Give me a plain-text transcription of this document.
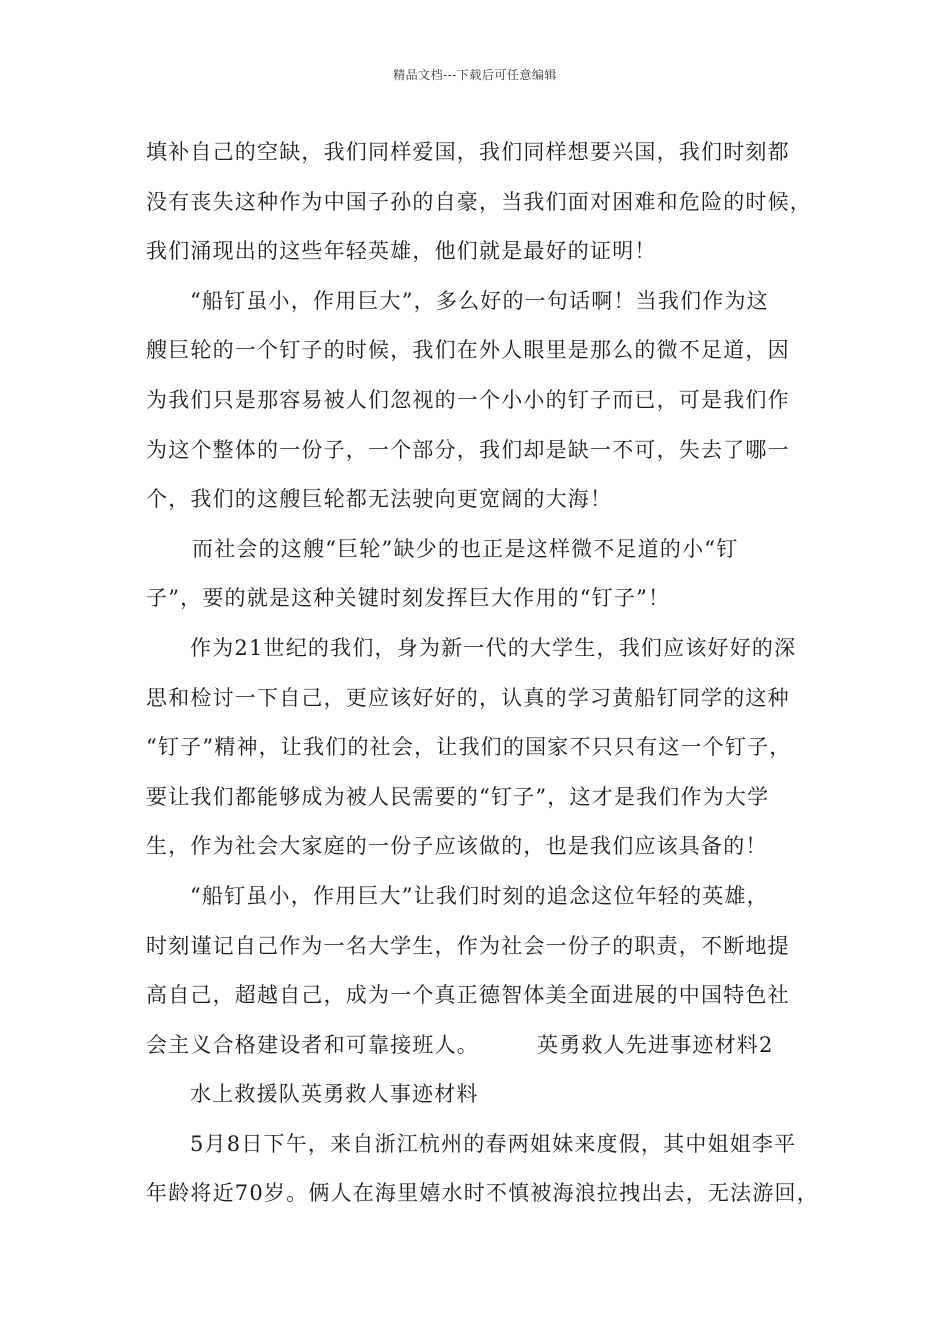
精品文档---下载后可任意编辑
填补自己的空缺，我们同样爱国，我们同样想要兴国，我们时刻都
没有丧失这种作为中国子孙的自豪，当我们面对困难和危险的时候，
我们涌现出的这些年轻英雄，他们就是最好的证明！
“船钉虽小，作用巨大”，多么好的一句话啊！当我们作为这
艘巨轮的一个钉子的时候，我们在外人眼里是那么的微不足道，因
为我们只是那容易被人们忽视的一个小小的钉子而已，可是我们作
为这个整体的一份子，一个部分，我们却是缺一不可，失去了哪一
个，我们的这艘巨轮都无法驶向更宽阔的大海！
而社会的这艘“巨轮”缺少的也正是这样微不足道的小“钉
子”，要的就是这种关键时刻发挥巨大作用的“钉子”！
作为21世纪的我们，身为新一代的大学生，我们应该好好的深
思和检讨一下自己，更应该好好的，认真的学习黄船钉同学的这种
“钉子”精神，让我们的社会，让我们的国家不只只有这一个钉子，
要让我们都能够成为被人民需要的“钉子”，这才是我们作为大学
生，作为社会大家庭的一份子应该做的，也是我们应该具备的！
“船钉虽小，作用巨大”让我们时刻的追念这位年轻的英雄，
时刻谨记自己作为一名大学生，作为社会一份子的职责，不断地提
高自己，超越自己，成为一个真正德智体美全面进展的中国特色社
会主义合格建设者和可靠接班人。	英勇救人先进事迹材料2
水上救援队英勇救人事迹材料
5月8日下午，来自浙江杭州的春两姐妹来度假，其中姐姐李平
年龄将近70岁。俩人在海里嬉水时不慎被海浪拉拽出去，无法游回，
